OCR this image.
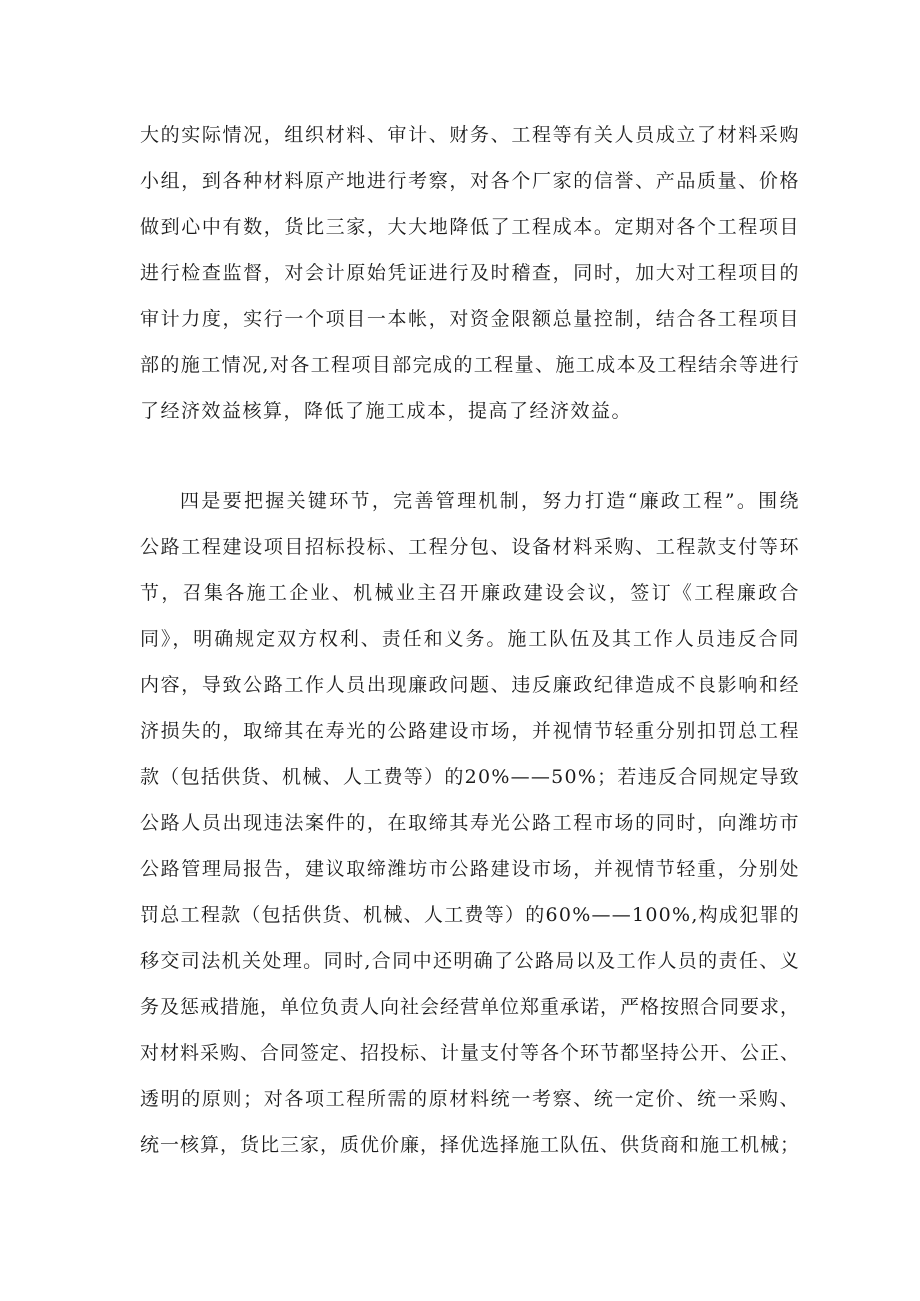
大的实际情况，组织材料、审计、财务、工程等有关人员成立了材料采购
小组，到各种材料原产地进行考察，对各个厂家的信誉、产品质量、价格
做到心中有数，货比三家，大大地降低了工程成本。定期对各个工程项目
进行检查监督，对会计原始凭证进行及时稽查，同时，加大对工程项目的
审计力度，实行一个项目一本帐，对资金限额总量控制，结合各工程项目
部的施工情况,对各工程项目部完成的工程量、施工成本及工程结余等进行
了经济效益核算，降低了施工成本，提高了经济效益。
四是要把握关键环节，完善管理机制，努力打造“廉政工程”。围绕
公路工程建设项目招标投标、工程分包、设备材料采购、工程款支付等环
节，召集各施工企业、机械业主召开廉政建设会议，签订《工程廉政合
同》，明确规定双方权利、责任和义务。施工队伍及其工作人员违反合同
内容，导致公路工作人员出现廉政问题、违反廉政纪律造成不良影响和经
济损失的，取缔其在寿光的公路建设市场，并视情节轻重分别扣罚总工程
款（包括供货、机械、人工费等）的20%——50%；若违反合同规定导致
公路人员出现违法案件的，在取缔其寿光公路工程市场的同时，向潍坊市
公路管理局报告，建议取缔潍坊市公路建设市场，并视情节轻重，分别处
罚总工程款（包括供货、机械、人工费等）的60%——100%,构成犯罪的
移交司法机关处理。同时,合同中还明确了公路局以及工作人员的责任、义
务及惩戒措施，单位负责人向社会经营单位郑重承诺，严格按照合同要求，
对材料采购、合同签定、招投标、计量支付等各个环节都坚持公开、公正、
透明的原则；对各项工程所需的原材料统一考察、统一定价、统一采购、
统一核算，货比三家，质优价廉，择优选择施工队伍、供货商和施工机械；
